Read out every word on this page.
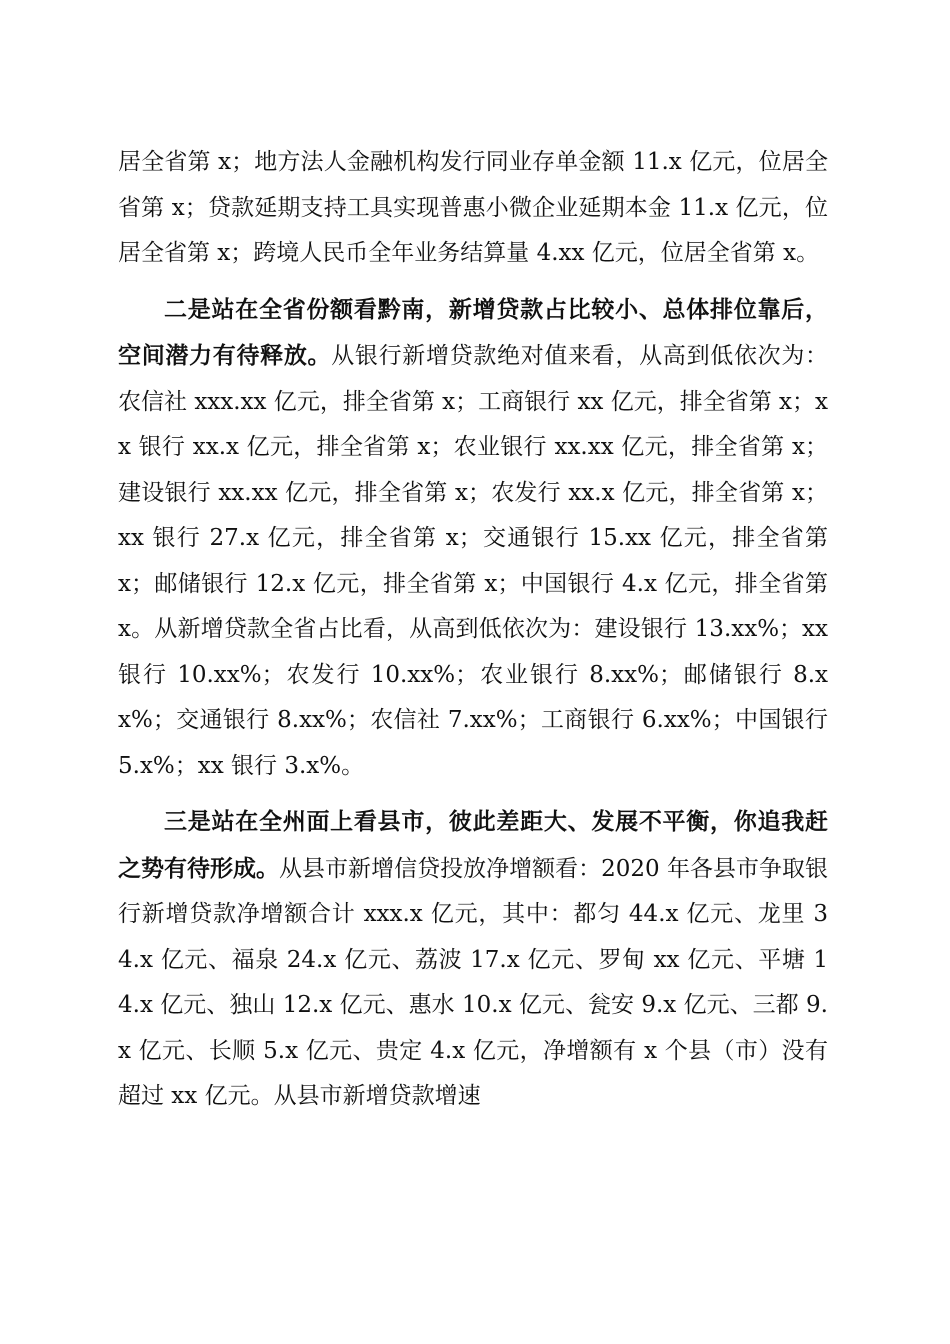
居全省第 x；地方法人金融机构发行同业存单金额 11.x 亿元，位居全省第 x；贷款延期支持工具实现普惠小微企业延期本金 11.x 亿元，位居全省第 x；跨境人民币全年业务结算量 4.xx 亿元，位居全省第 x。

二是站在全省份额看黔南，新增贷款占比较小、总体排位靠后，空间潜力有待释放。从银行新增贷款绝对值来看，从高到低依次为：农信社 xxx.xx 亿元，排全省第 x；工商银行 xx 亿元，排全省第 x；xx 银行 xx.x 亿元，排全省第 x；农业银行 xx.xx 亿元，排全省第 x；建设银行 xx.xx 亿元，排全省第 x；农发行 xx.x 亿元，排全省第 x；xx 银行 27.x 亿元，排全省第 x；交通银行 15.xx 亿元，排全省第 x；邮储银行 12.x 亿元，排全省第 x；中国银行 4.x 亿元，排全省第 x。从新增贷款全省占比看，从高到低依次为：建设银行 13.xx%；xx 银行 10.xx%；农发行 10.xx%；农业银行 8.xx%；邮储银行 8.xx%；交通银行 8.xx%；农信社 7.xx%；工商银行 6.xx%；中国银行 5.x%；xx 银行 3.x%。

三是站在全州面上看县市，彼此差距大、发展不平衡，你追我赶之势有待形成。从县市新增信贷投放净增额看：2020 年各县市争取银行新增贷款净增额合计 xxx.x 亿元，其中：都匀 44.x 亿元、龙里 34.x 亿元、福泉 24.x 亿元、荔波 17.x 亿元、罗甸 xx 亿元、平塘 14.x 亿元、独山 12.x 亿元、惠水 10.x 亿元、瓮安 9.x 亿元、三都 9.x 亿元、长顺 5.x 亿元、贵定 4.x 亿元，净增额有 x 个县（市）没有超过 xx 亿元。从县市新增贷款增速
